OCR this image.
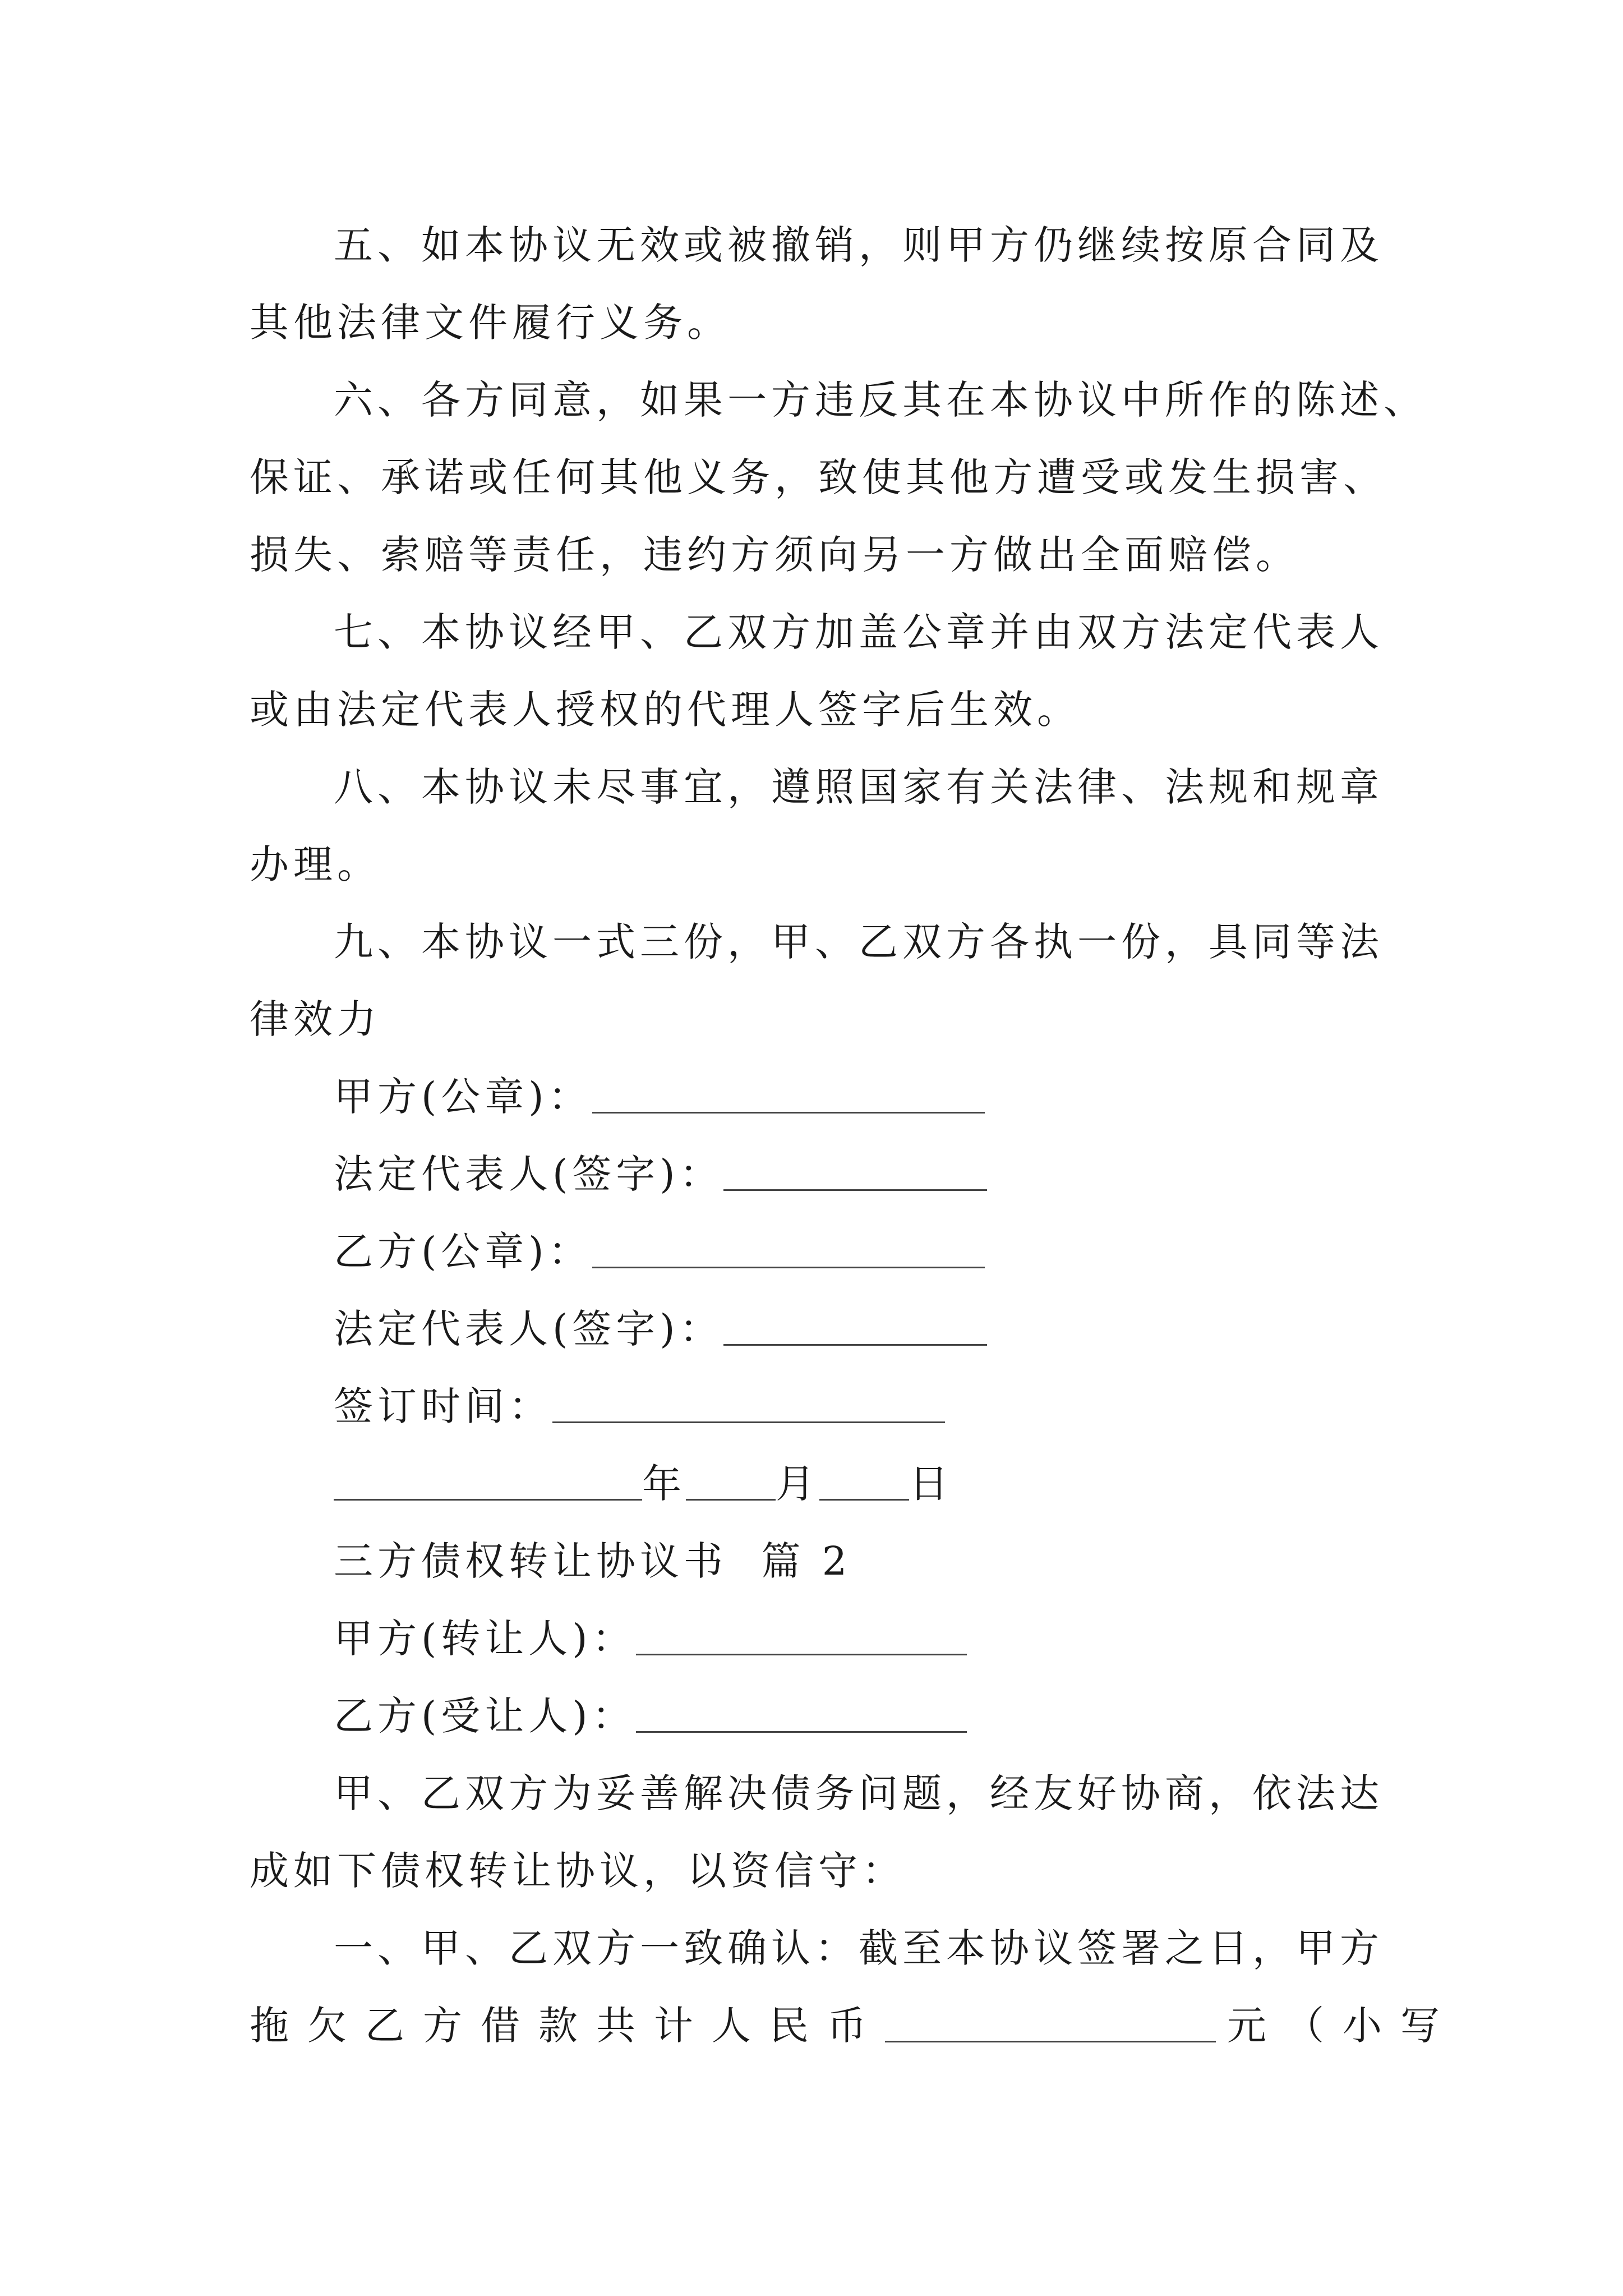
五、如本协议无效或被撤销，则甲方仍继续按原合同及
其他法律文件履行义务。
六、各方同意，如果一方违反其在本协议中所作的陈述、
保证、承诺或任何其他义务，致使其他方遭受或发生损害、
损失、索赔等责任，违约方须向另一方做出全面赔偿。
七、本协议经甲、乙双方加盖公章并由双方法定代表人
或由法定代表人授权的代理人签字后生效。
八、本协议未尽事宜，遵照国家有关法律、法规和规章
办理。
九、本协议一式三份，甲、乙双方各执一份，具同等法
律效力
甲方(公章)：
法定代表人(签字)：
乙方(公章)：
法定代表人(签字)：
签订时间：
年 月 日
三方债权转让协议书  篇 2
甲方(转让人)：
乙方(受让人)：
甲、乙双方为妥善解决债务问题，经友好协商，依法达
成如下债权转让协议，以资信守：
一、甲、乙双方一致确认：截至本协议签署之日，甲方
拖欠乙方借款共计人民币	元（小写
